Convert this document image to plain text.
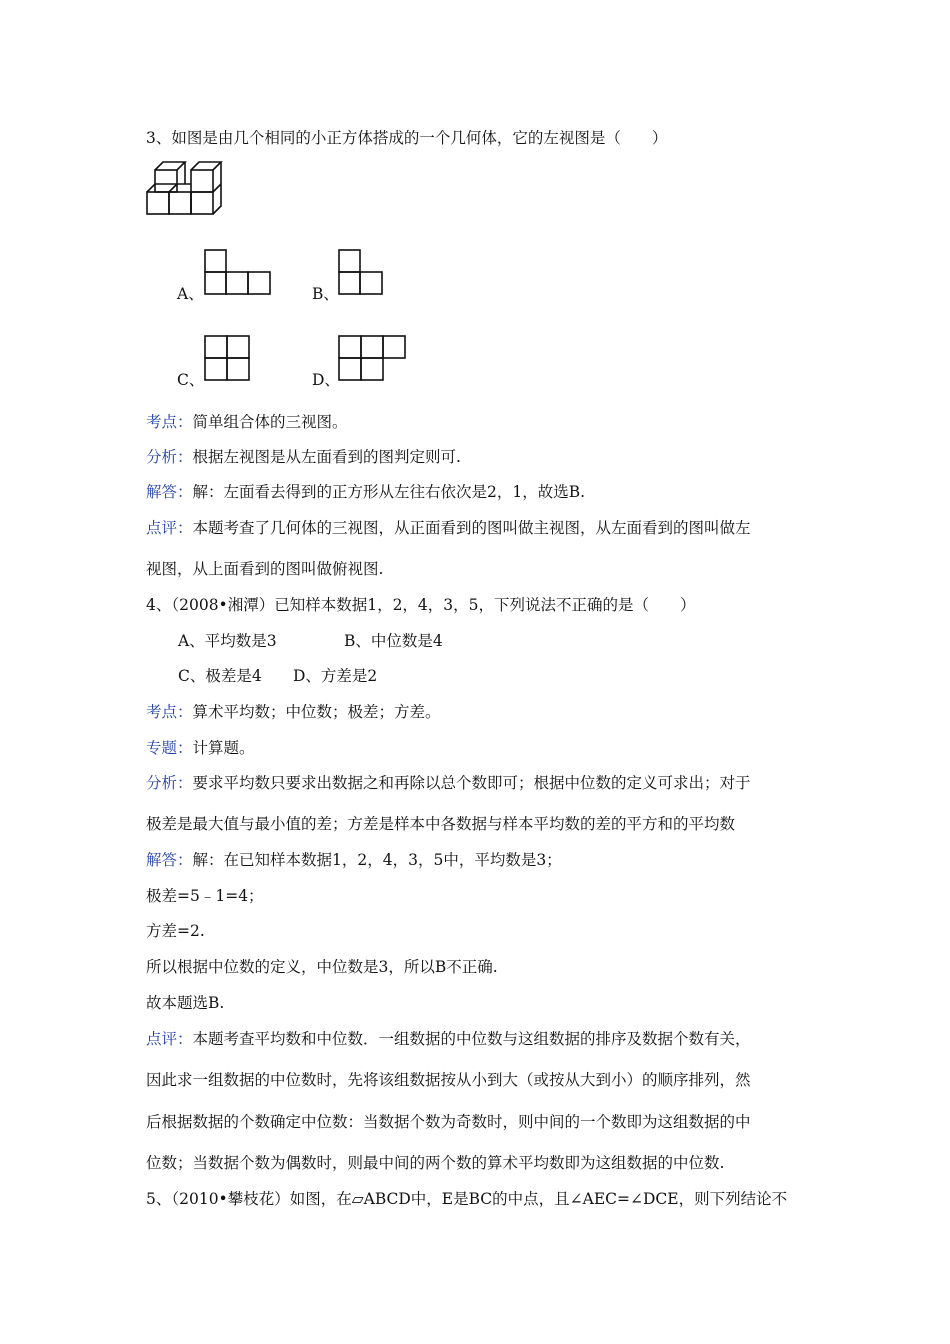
3、如图是由几个相同的小正方体搭成的一个几何体，它的左视图是（　　）
A、	B、
C、	D、
考点：简单组合体的三视图。
分析：根据左视图是从左面看到的图判定则可.
解答：解：左面看去得到的正方形从左往右依次是2，1，故选B.
点评：本题考查了几何体的三视图，从正面看到的图叫做主视图，从左面看到的图叫做左
视图，从上面看到的图叫做俯视图.
4、（2008•湘潭）已知样本数据1，2，4，3，5，下列说法不正确的是（　　）
A、平均数是3	B、中位数是4
C、极差是4 D、方差是2
考点：算术平均数；中位数；极差；方差。
专题：计算题。
分析：要求平均数只要求出数据之和再除以总个数即可；根据中位数的定义可求出；对于
极差是最大值与最小值的差；方差是样本中各数据与样本平均数的差的平方和的平均数
解答：解：在已知样本数据1，2，4，3，5中，平均数是3；
极差=5﹣1=4；
方差=2.
所以根据中位数的定义，中位数是3，所以B不正确.
故本题选B.
点评：本题考查平均数和中位数．一组数据的中位数与这组数据的排序及数据个数有关，
因此求一组数据的中位数时，先将该组数据按从小到大（或按从大到小）的顺序排列，然
后根据数据的个数确定中位数：当数据个数为奇数时，则中间的一个数即为这组数据的中
位数；当数据个数为偶数时，则最中间的两个数的算术平均数即为这组数据的中位数.
5、（2010•攀枝花）如图，在▱ABCD中，E是BC的中点，且∠AEC=∠DCE，则下列结论不
